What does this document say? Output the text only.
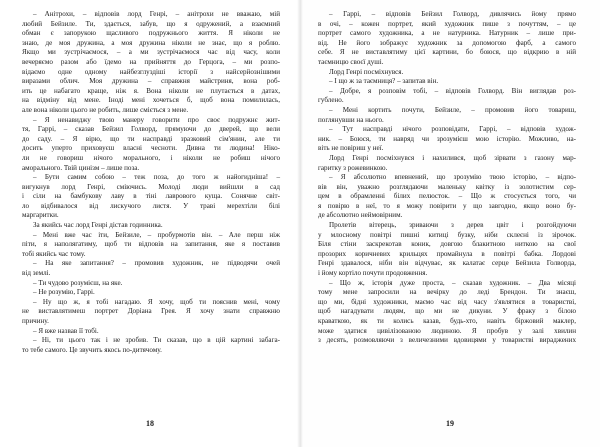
– Анітрохи, – відповів лорд Генрі, – анітрохи не вважаю, мій
любий Бейзиле. Ти, здається, забув, що я одружений, а взаємний
обман є запорукою щасливого подружнього життя. Я ніколи не
знаю, де моя дружина, а моя дружина ніколи не знає, що я роблю.
Якщо ми зустрічаємося, – а ми зустрічаємося час від часу, коли
вечеряємо разом або їдемо на прийняття до Герцога, – ми розпо-
відаємо одне одному найбезглуздіші історії з найсерйознішими
виразами облич. Моя дружина – справжня майстриня, вона роб-
ить це набагато краще, ніж я. Вона ніколи не плутається в датах,
на відміну від мене. Іноді мені хочеться б, щоб вона помилилась,
але вона ніколи цього не робить, лише сміється з мене.
– Я ненавиджу твою манеру говорити про своє подружнє жит-
тя, Гаррі, – сказав Бейзил Голворд, прямуючи до дверей, що вели
до саду. – Я вірю, що ти насправді зразковий сім'янин, але ти
досить уперто приховуєш власні чесноти. Дивна ти людина! Ніко-
ли не говориш нічого морального, і ніколи не робиш нічого
аморального. Твій цинізм – лише поза.
– Бути самим собою – теж поза, до того ж найогидніша! –
вигукнув лорд Генрі, сміючись. Молоді люди вийшли в сад
і сіли на бамбукову лаву в тіні лаврового куща. Сонячне світ-
ло відбивалося від лискучого листя. У траві мерехтіли білі
маргаритки.
За якийсь час лорд Генрі дістав годинника.
– Мені вже час іти, Бейзиле, – пробурмотів він. – Але перш ніж
піти, я наполягатиму, щоб ти відповів на запитання, яке я поставив
тобі якийсь час тому.
– На яке запитання? – промовив художник, не підводячи очей
від землі.
– Ти чудово розумієш, на яке.
– Не розумію, Гаррі.
– Ну що ж, я тобі нагадаю. Я хочу, щоб ти пояснив мені, чому
не виставлятимеш портрет Доріана Грея. Я хочу знати справжню
причину.
– Я вже назвав її тобі.
– Ні, ти цього так і не зробив. Ти сказав, що в цій картині забага-
то тебе самого. Це звучить якось по-дитячому.
18
– Гаррі, – відповів Бейзил Голворд, дивлячись йому прямо
в очі, – кожен портрет, який художник пише з почуттям, – це
портрет самого художника, а не натурника. Натурник – лише при-
від. Не його зображує художник за допомогою фарб, а самого
себе. Я не виставлятиму цієї картини, бо боюся, що відкрию в ній
таємницю своєї душі.
Лорд Генрі посміхнувся.
– І що ж за таємниця? – запитав він.
– Добре, я розповім тобі, – відповів Голворд. Він виглядав роз-
гублено.
– Мені кортить почути, Бейзиле, – промовив його товариш,
поглянувши на нього.
– Тут насправді нічого розповідати, Гаррі, – відповів худож-
ник. – Боюся, ти навряд чи зрозумієш мою історію. Можливо, на-
віть не повіриш у неї.
Лорд Генрі посміхнувся і нахилився, щоб зірвати з газону мар-
гаритку з рожевинкою.
– Я абсолютно впевнений, що зрозумію твою історію, – відпо-
вів він, уважно розглядаючи маленьку квітку із золотистим сер-
цем в обрамленні білих пелюсток. – Що ж стосується того, чи
я повірю в неї, то я можу повірити у що завгодно, якщо воно бу-
де абсолютно неймовірним.
Пролетів вітерець, зриваючи з дерев цвіт і розгойдуючи
у млосному повітрі пишні китиці бузку, ніби склеєні із зірочок.
Біля стіни заскрекотав коник, довгою блакитною ниткою на свої
прозорих коричневих крильцях промайнула в повітрі бабка. Лордові
Генрі здавалося, ніби він відчуває, як калатає серце Бейзила Голворда,
і йому кортіло почути продовження.
– Що ж, історія дуже проста, – сказав художник. – Два місяці
тому мене запросили на вечірку до леді Брендон. Ти знаєш,
що ми, бідні художники, маємо час від часу з'являтися в товаристві,
щоб нагадувати людям, що ми не дикуни. У фраку з білою
краваткою, як ти колись казав, будь-хто, навіть біржовий маклер,
може здатися цивілізованою людиною. Я пробув у залі хвилин
з десять, розмовляючи з величезними вдовицями у товаристві вираджених
19
